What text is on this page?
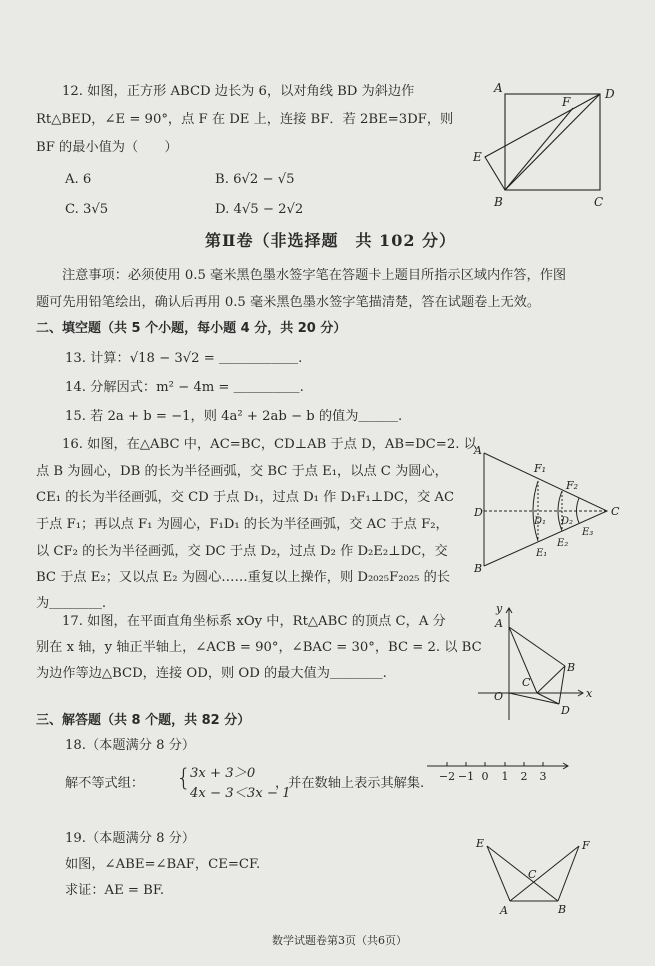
12. 如图，正方形 ABCD 边长为 6，以对角线 BD 为斜边作
Rt△BED，∠E = 90°，点 F 在 DE 上，连接 BF．若 2BE=3DF，则
BF 的最小值为（　　）
A. 6	B. 6√2 − √5
C. 3√5	D. 4√5 − 2√2
A	D
F
E
B	C
第Ⅱ卷（非选择题　共 102 分）
注意事项：必须使用 0.5 毫米黑色墨水签字笔在答题卡上题目所指示区域内作答，作图
题可先用铅笔绘出，确认后再用 0.5 毫米黑色墨水签字笔描清楚，答在试题卷上无效。
二、填空题（共 5 个小题，每小题 4 分，共 20 分）
13. 计算：√18 − 3√2 = ＿＿＿＿＿＿.
14. 分解因式：m² − 4m = ＿＿＿＿＿.
15. 若 2a + b = −1，则 4a² + 2ab − b 的值为＿＿＿.
16. 如图，在△ABC 中，AC=BC，CD⊥AB 于点 D，AB=DC=2. 以
点 B 为圆心，DB 的长为半径画弧，交 BC 于点 E₁，以点 C 为圆心，
CE₁ 的长为半径画弧，交 CD 于点 D₁，过点 D₁ 作 D₁F₁⊥DC，交 AC
于点 F₁；再以点 F₁ 为圆心，F₁D₁ 的长为半径画弧，交 AC 于点 F₂，
以 CF₂ 的长为半径画弧，交 DC 于点 D₂，过点 D₂ 作 D₂E₂⊥DC，交
BC 于点 E₂；又以点 E₂ 为圆心……重复以上操作，则 D₂₀₂₅F₂₀₂₅ 的长
为＿＿＿＿.
A
F₁
F₂
D
D₁ D₂
C
E₂
E₃
E₁
B
17. 如图，在平面直角坐标系 xOy 中，Rt△ABC 的顶点 C，A 分
别在 x 轴，y 轴正半轴上，∠ACB = 90°，∠BAC = 30°，BC = 2. 以 BC
为边作等边△BCD，连接 OD，则 OD 的最大值为＿＿＿＿.
y
A
B
C
O
D
x
三、解答题（共 8 个题，共 82 分）
18.（本题满分 8 分）
解不等式组： {
3x + 3＞0
4x − 3＜3x − 1
，并在数轴上表示其解集. −2 −1 0 1 2 3
19.（本题满分 8 分）
如图，∠ABE=∠BAF，CE=CF.
求证：AE = BF.
E	F
C
A	B
数学试题卷第3页（共6页）
